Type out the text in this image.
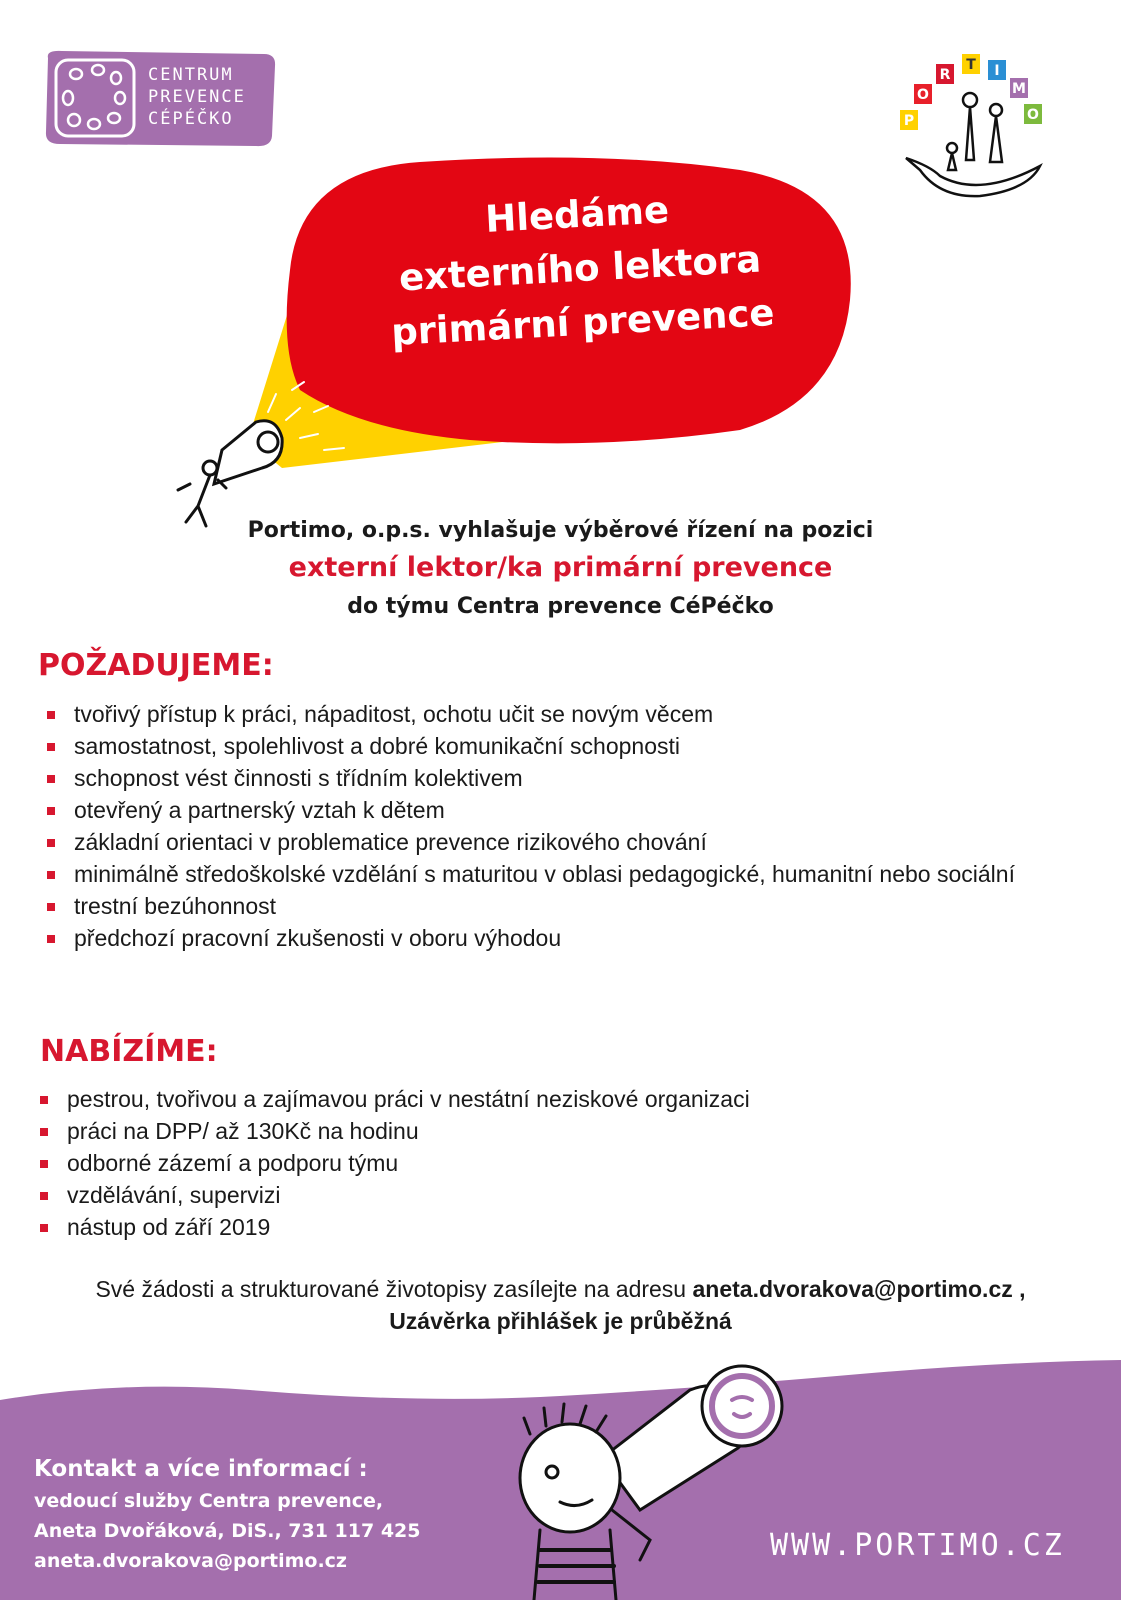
CENTRUM
PREVENCE
CÉPÉČKO	P
O
R
T I
M
O
Hledáme
externího lektora
primární prevence
Portimo, o.p.s. vyhlašuje výběrové řízení na pozici
externí lektor/ka primární prevence
do týmu Centra prevence CéPéčko
POŽADUJEME:
tvořivý přístup k práci, nápaditost, ochotu učit se novým věcem
samostatnost, spolehlivost a dobré komunikační schopnosti
schopnost vést činnosti s třídním kolektivem
otevřený a partnerský vztah k dětem
základní orientaci v problematice prevence rizikového chování
minimálně středoškolské vzdělání s maturitou v oblasi pedagogické, humanitní nebo sociální
trestní bezúhonnost
předchozí pracovní zkušenosti v oboru výhodou
NABÍZÍME:
pestrou, tvořivou a zajímavou práci v nestátní neziskové organizaci
práci na DPP/ až 130Kč na hodinu
odborné zázemí a podporu týmu
vzdělávání, supervizi
nástup od září 2019
Své žádosti a strukturované životopisy zasílejte na adresu aneta.dvorakova@portimo.cz ,
Uzávěrka přihlášek je průběžná
Kontakt a více informací :
vedoucí služby Centra prevence,
Aneta Dvořáková, DiS., 731 117 425
aneta.dvorakova@portimo.cz	WWW.PORTIMO.CZ
